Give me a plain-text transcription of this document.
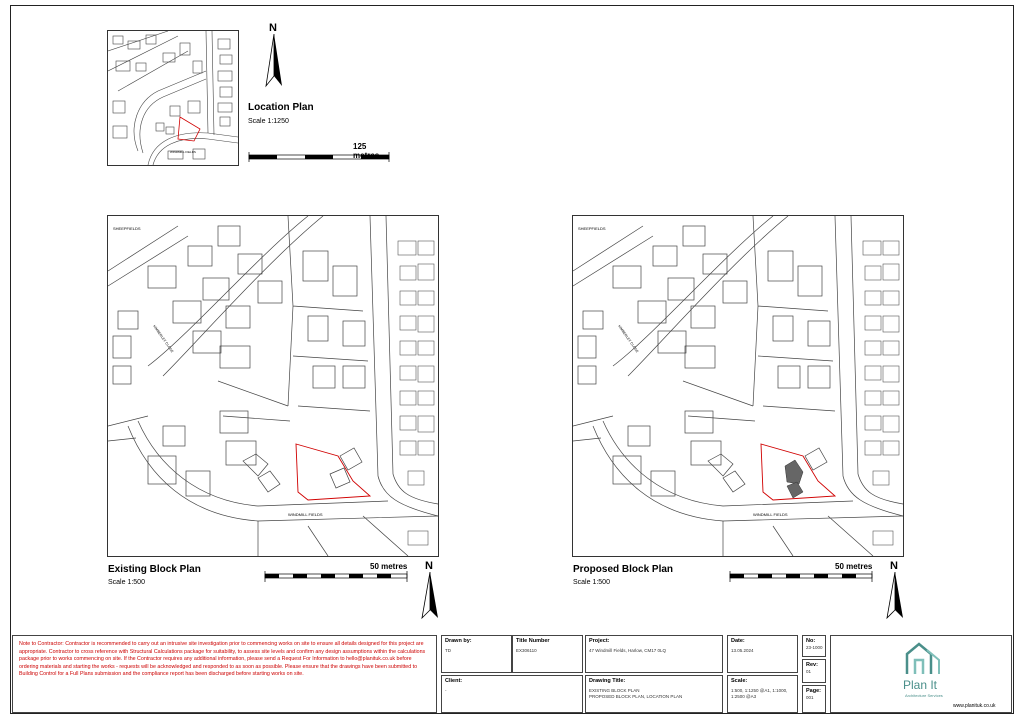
WINDMILL FIELDS
N
Location Plan
Scale 1:1250
125 metres
WINDMILL FIELDS
SHEEPFIELDS
KIMBERLEY CLOSE
Existing Block Plan
Scale 1:500
50 metres N
WINDMILL FIELDS
SHEEPFIELDS
KIMBERLEY CLOSE
Proposed Block Plan
Scale 1:500
50 metres N
Note to Contractor: Contractor is recommended to carry out an intrusive site investigation prior to commencing works on site to ensure all details designed for this project are appropriate. Contractor to cross reference with Structural Calculations package for suitability, to assess site levels and confirm any design assumptions within the calculations package prior to works commencing on site. If the Contractor requires any additional information, please send a Request For Information to hello@planituk.co.uk before ordering materials and starting the works - requests will be acknowledged and responded to as soon as possible. Please ensure that the drawings have been submitted to Building Control for a Full Plans submission and the compliance report has been discharged before starting works on site.
Drawn by:
TD
Title Number
EX306110
Project:
47 Windmill Fields, Harlow, CM17 0LQ
Date:
13.05.2024
No:
23-1000
Rev:
01
Client:
-
Drawing Title:
EXISTING BLOCK PLAN
PROPOSED BLOCK PLAN, LOCATION PLAN
Scale:
1:500, 1:1250 @A1, 1:1000,
1:2500 @A3
Page:
001
Plan It
Architecture Services
www.planituk.co.uk
